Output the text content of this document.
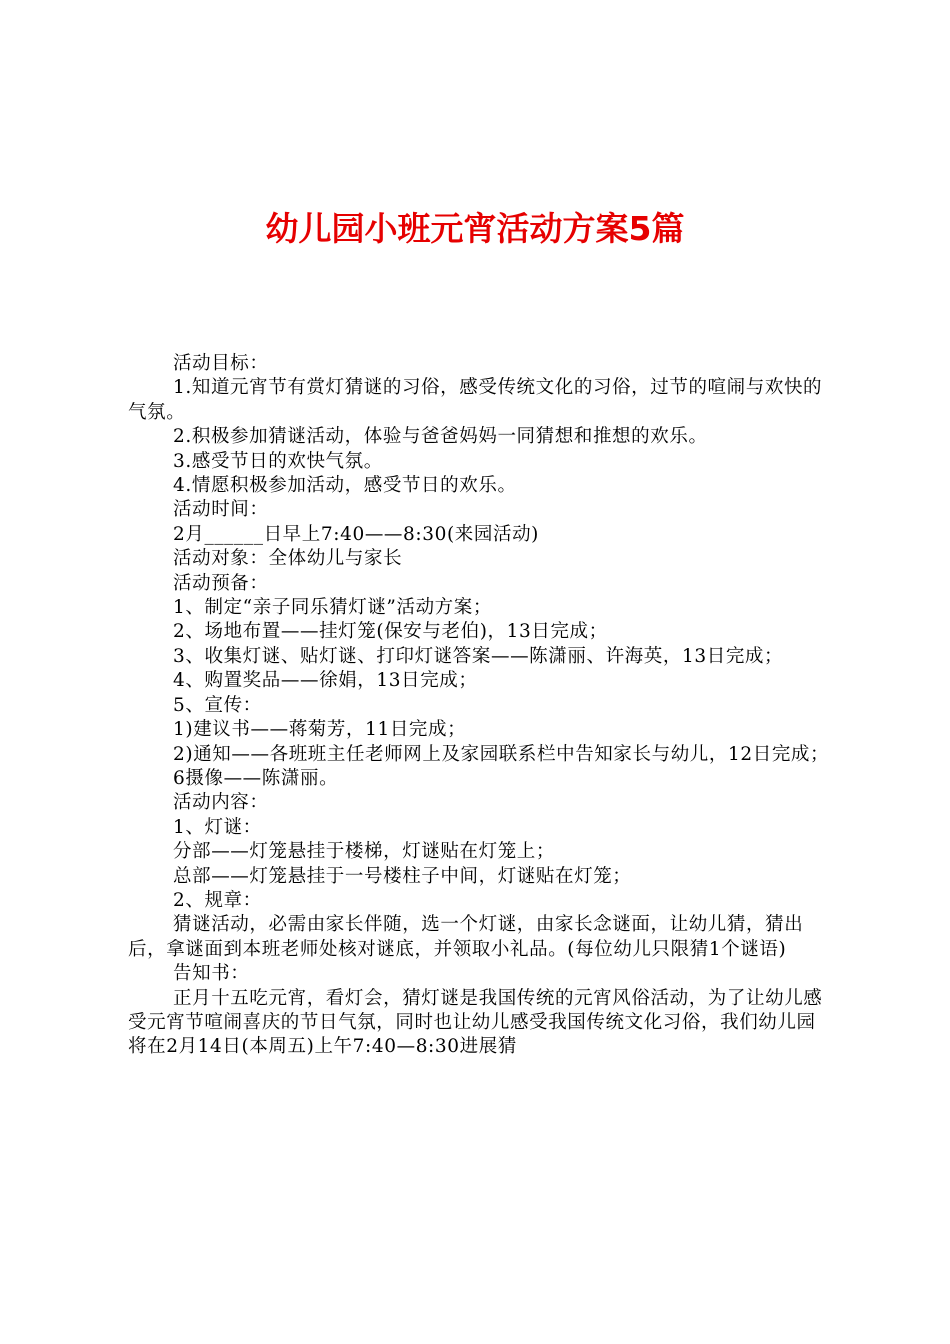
幼儿园小班元宵活动方案5篇

活动目标：

1.知道元宵节有赏灯猜谜的习俗，感受传统文化的习俗，过节的喧闹与欢快的气氛。

2.积极参加猜谜活动，体验与爸爸妈妈一同猜想和推想的欢乐。

3.感受节日的欢快气氛。

4.情愿积极参加活动，感受节日的欢乐。

活动时间：

2月______日早上7:40——8:30(来园活动)

活动对象：全体幼儿与家长

活动预备：

1、制定“亲子同乐猜灯谜”活动方案；

2、场地布置——挂灯笼(保安与老伯)，13日完成；

3、收集灯谜、贴灯谜、打印灯谜答案——陈潇丽、许海英，13日完成；

4、购置奖品——徐娟，13日完成；

5、宣传：

1)建议书——蒋菊芳，11日完成；

2)通知——各班班主任老师网上及家园联系栏中告知家长与幼儿，12日完成；

6摄像——陈潇丽。

活动内容：

1、灯谜：

分部——灯笼悬挂于楼梯，灯谜贴在灯笼上；

总部——灯笼悬挂于一号楼柱子中间，灯谜贴在灯笼；

2、规章：

猜谜活动，必需由家长伴随，选一个灯谜，由家长念谜面，让幼儿猜，猜出后，拿谜面到本班老师处核对谜底，并领取小礼品。(每位幼儿只限猜1个谜语)

告知书：

正月十五吃元宵，看灯会，猜灯谜是我国传统的元宵风俗活动，为了让幼儿感受元宵节喧闹喜庆的节日气氛，同时也让幼儿感受我国传统文化习俗，我们幼儿园将在2月14日(本周五)上午7:40—8:30进展猜
